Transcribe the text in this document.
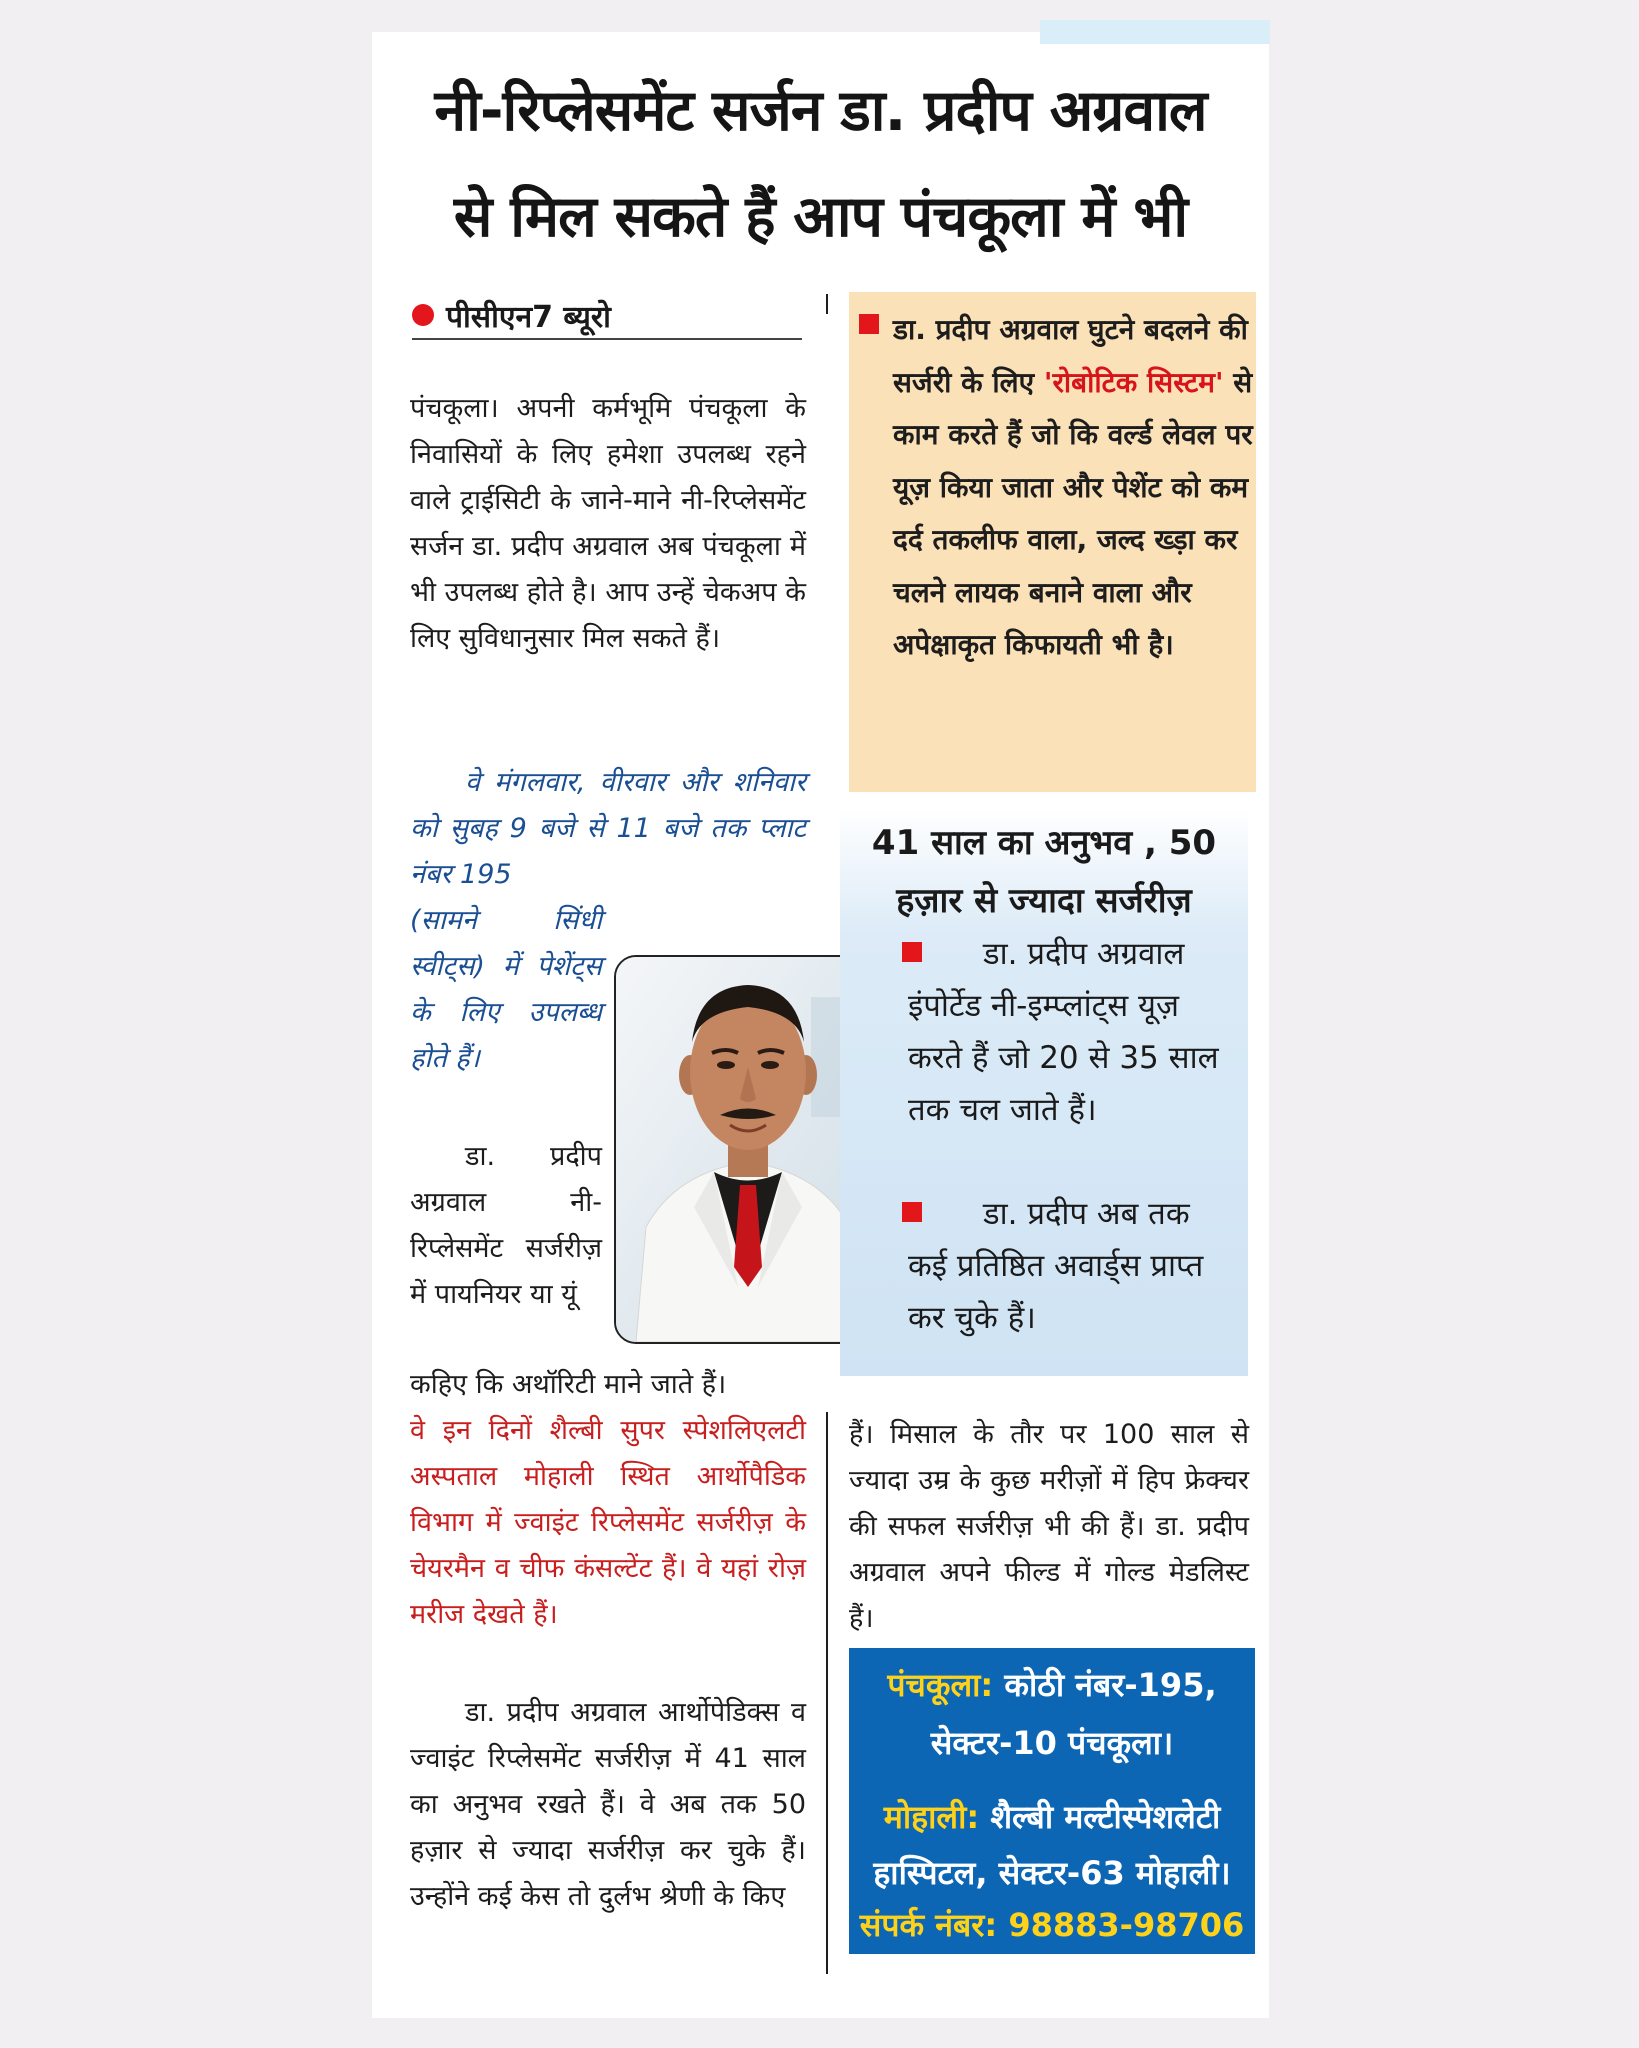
नी-रिप्लेसमेंट सर्जन डा. प्रदीप अग्रवाल
से मिल सकते हैं आप पंचकूला में भी
पीसीएन7 ब्यूरो
पंचकूला। अपनी कर्मभूमि पंचकूला के निवासियों के लिए हमेशा उपलब्ध रहने वाले ट्राईसिटी के जाने-माने नी-रिप्लेसमेंट सर्जन डा. प्रदीप अग्रवाल अब पंचकूला में भी उपलब्ध होते है। आप उन्हें चेकअप के लिए सुविधानुसार मिल सकते हैं।
वे मंगलवार, वीरवार और शनिवार को सुबह 9 बजे से 11 बजे तक प्लाट नंबर 195
(सामने सिंधी स्वीट्स) में पेशेंट्स के लिए उपलब्ध होते हैं।
डा. प्रदीप अग्रवाल नी-रिप्लेसमेंट सर्जरीज़ में पायनियर या यूं
कहिए कि अथॉरिटी माने जाते हैं।
वे इन दिनों शैल्बी सुपर स्पेशलिएलटी अस्पताल मोहाली स्थित आर्थोपैडिक विभाग में ज्वाइंट रिप्लेसमेंट सर्जरीज़ के चेयरमैन व चीफ कंसल्टेंट हैं। वे यहां रोज़ मरीज देखते हैं।
डा. प्रदीप अग्रवाल आर्थोपेडिक्स व ज्वाइंट रिप्लेसमेंट सर्जरीज़ में 41 साल का अनुभव रखते हैं। वे अब तक 50 हज़ार से ज्यादा सर्जरीज़ कर चुके हैं। उन्होंने कई केस तो दुर्लभ श्रेणी के किए
डा. प्रदीप अग्रवाल घुटने बदलने की सर्जरी के लिए 'रोबोटिक सिस्टम' से काम करते हैं जो कि वर्ल्ड लेवल पर यूज़ किया जाता और पेशेंट को कम दर्द तकलीफ वाला, जल्द ख्ड़ा कर चलने लायक बनाने वाला और अपेक्षाकृत किफायती भी है।
41 साल का अनुभव , 50
हज़ार से ज्यादा सर्जरीज़
डा. प्रदीप अग्रवाल इंपोर्टेड नी-इम्प्लांट्स यूज़ करते हैं जो 20 से 35 साल तक चल जाते हैं।
डा. प्रदीप अब तक कई प्रतिष्ठित अवार्ड्स प्राप्त कर चुके हैं।
हैं। मिसाल के तौर पर 100 साल से ज्यादा उम्र के कुछ मरीज़ों में हिप फ्रेक्चर की सफल सर्जरीज़ भी की हैं। डा. प्रदीप अग्रवाल अपने फील्ड में गोल्ड मेडलिस्ट हैं।
पंचकूला: कोठी नंबर-195,
सेक्टर-10 पंचकूला।
मोहाली: शैल्बी मल्टीस्पेशलेटी
हास्पिटल, सेक्टर-63 मोहाली।
संपर्क नंबर: 98883-98706
